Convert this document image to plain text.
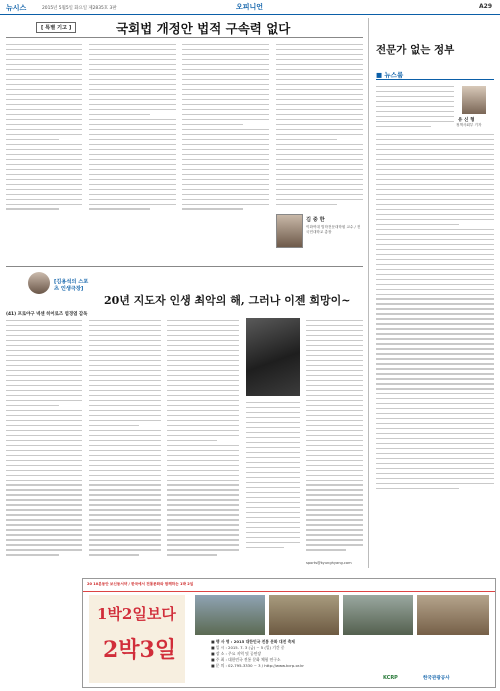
뉴시스	2015년 5월5일 화요일 제2835호 3판	오피니언	A29
[ 특별 기고 ]	국회법 개정안 법적 구속력 없다
김 중 한
이화여대 법학전문대학원 교수 / 전 국민대학교 총장
전문가 없는 정부
■ 뉴스룸
유 신 형
정책사회부 기자
[김용석의 스포츠 인생극장]
20년 지도자 인생 최악의 해, 그러나 이젠 희망이~
(41) 프로야구 넥센 히어로즈 염경엽 감독
sports@kyunghyang.com
20 10분동안 보신동서약 / 한국에서 전통문화와 함께하는 1박 2일
1박2일보다
2박3일	■ 행 사 명 : 2015 대한민국 전통 문화 대전 축제
■ 일 시 : 2015. 7. 3 (금) ~ 5 (일) 기간 중
■ 장 소 : 주요 지역 및 공연장
■ 주 최 : 대한민국 전통 문화 체험 연구소
■ 문 의 : 02-795-3330 ~ 3 / http://www.kcrp.or.kr
KCRP	한국관광공사
